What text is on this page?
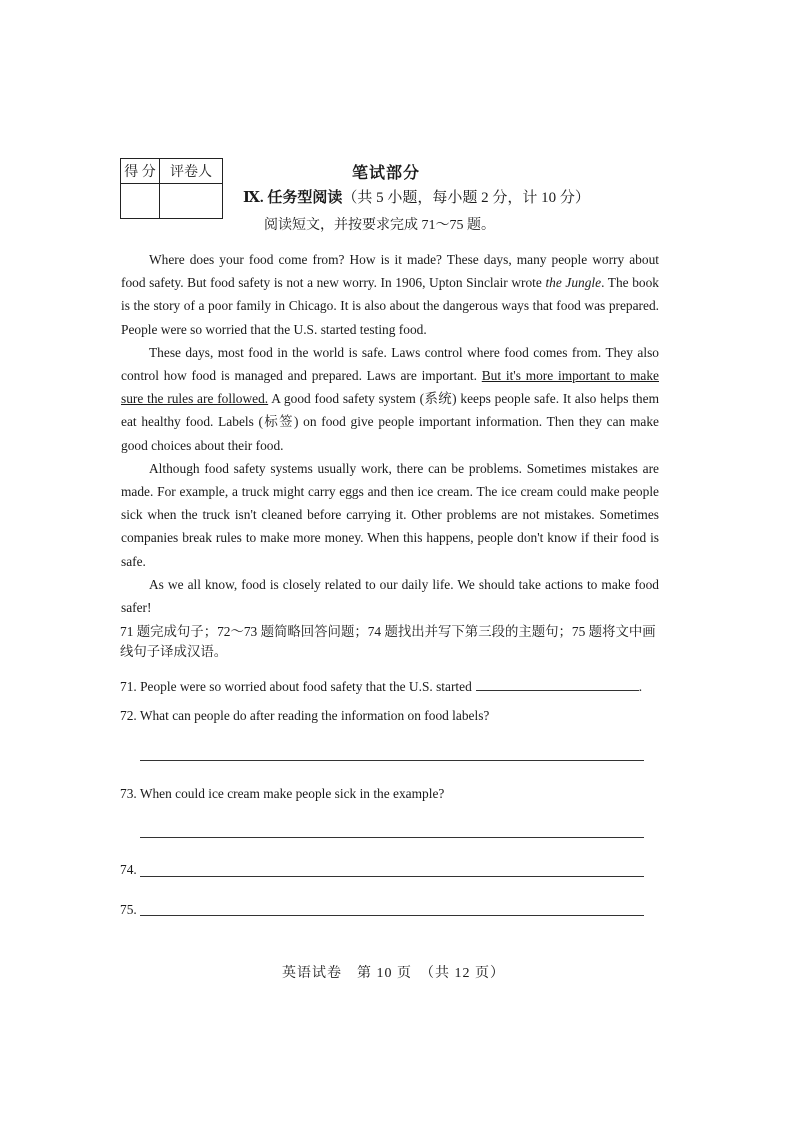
得 分	评卷人
		笔试部分
Ⅸ. 任务型阅读（共 5 小题，每小题 2 分，计 10 分）
阅读短文，并按要求完成 71～75 题。

Where does your food come from? How is it made? These days, many people worry about food safety. But food safety is not a new worry. In 1906, Upton Sinclair wrote the Jungle. The book is the story of a poor family in Chicago. It is also about the dangerous ways that food was prepared. People were so worried that the U.S. started testing food.

These days, most food in the world is safe. Laws control where food comes from. They also control how food is managed and prepared. Laws are important. But it's more important to make sure the rules are followed. A good food safety system (系统) keeps people safe. It also helps them eat healthy food. Labels (标签) on food give people important information. Then they can make good choices about their food.

Although food safety systems usually work, there can be problems. Sometimes mistakes are made. For example, a truck might carry eggs and then ice cream. The ice cream could make people sick when the truck isn't cleaned before carrying it. Other problems are not mistakes. Sometimes companies break rules to make more money. When this happens, people don't know if their food is safe.

As we all know, food is closely related to our daily life. We should take actions to make food safer!

71 题完成句子；72～73 题简略回答问题；74 题找出并写下第三段的主题句；75 题将文中画线句子译成汉语。
71. People were so worried about food safety that the U.S. started	.
72. What can people do after reading the information on food labels?
73. When could ice cream make people sick in the example?
74.
75.
英语试卷　第 10 页　（共 12 页）
